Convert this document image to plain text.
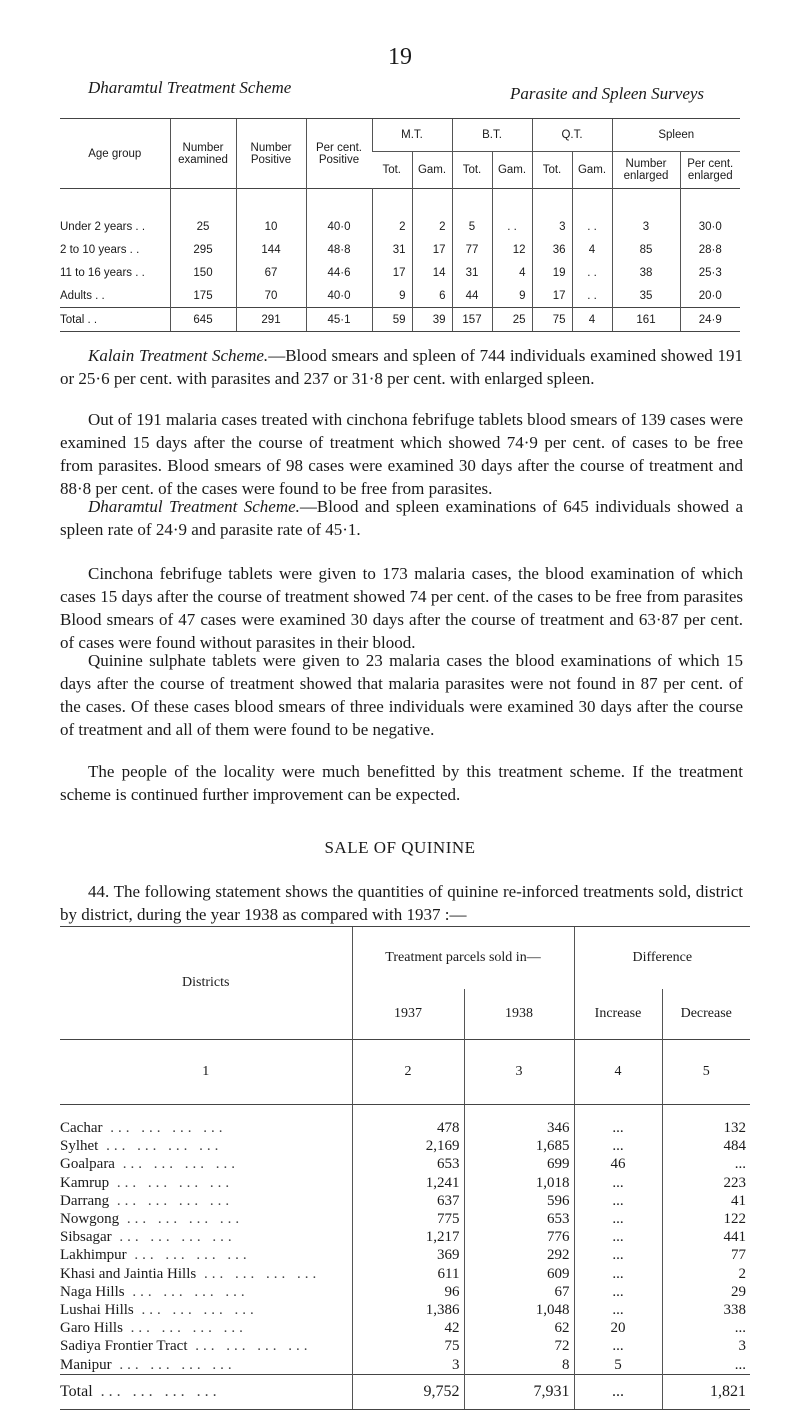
19
Dharamtul Treatment Scheme	Parasite and Spleen Surveys
Age group	Number examined	Number Positive	Per cent. Positive	M.T.		B.T.		Q.T.		Spleen	
				Tot.	Gam.	Tot.	Gam.	Tot.	Gam.	Number enlarged	Per cent. enlarged
Under 2 years . .	25	10	40·0	2	2	5	. .	3	. .	3	30·0
2 to 10 years . .	295	144	48·8	31	17	77	12	36	4	85	28·8
11 to 16 years . .	150	67	44·6	17	14	31	4	19	. .	38	25·3
Adults . .	175	70	40·0	9	6	44	9	17	. .	35	20·0
Total . .	645	291	45·1	59	39	157	25	75	4	161	24·9

Kalain Treatment Scheme.—Blood smears and spleen of 744 individuals examined showed 191 or 25·6 per cent. with parasites and 237 or 31·8 per cent. with enlarged spleen.

Out of 191 malaria cases treated with cinchona febrifuge tablets blood smears of 139 cases were examined 15 days after the course of treatment which showed 74·9 per cent. of cases to be free from parasites. Blood smears of 98 cases were examined 30 days after the course of treatment and 88·8 per cent. of the cases were found to be free from parasites.

Dharamtul Treatment Scheme.—Blood and spleen examinations of 645 individuals showed a spleen rate of 24·9 and parasite rate of 45·1.

Cinchona febrifuge tablets were given to 173 malaria cases, the blood examination of which cases 15 days after the course of treatment showed 74 per cent. of the cases to be free from parasites Blood smears of 47 cases were examined 30 days after the course of treatment and 63·87 per cent. of cases were found without parasites in their blood.

Quinine sulphate tablets were given to 23 malaria cases the blood examinations of which 15 days after the course of treatment showed that malaria parasites were not found in 87 per cent. of the cases. Of these cases blood smears of three individuals were examined 30 days after the course of treatment and all of them were found to be negative.

The people of the locality were much benefitted by this treatment scheme. If the treatment scheme is continued further improvement can be expected.

SALE OF QUININE

44. The following statement shows the quantities of quinine re-inforced treatments sold, district by district, during the year 1938 as compared with 1937 :—

Districts	Treatment parcels sold in—		Difference	
	1937	1938	Increase	Decrease
1	2	3	4	5
Cachar ... ... ... ...	478	346	...	132
Sylhet ... ... ... ...	2,169	1,685	...	484
Goalpara ... ... ... ...	653	699	46	...
Kamrup ... ... ... ...	1,241	1,018	...	223
Darrang ... ... ... ...	637	596	...	41
Nowgong ... ... ... ...	775	653	...	122
Sibsagar ... ... ... ...	1,217	776	...	441
Lakhimpur ... ... ... ...	369	292	...	77
Khasi and Jaintia Hills ... ... ... ...	611	609	...	2
Naga Hills ... ... ... ...	96	67	...	29
Lushai Hills ... ... ... ...	1,386	1,048	...	338
Garo Hills ... ... ... ...	42	62	20	...
Sadiya Frontier Tract ... ... ... ...	75	72	...	3
Manipur ... ... ... ...	3	8	5	...
Total ... ... ... ...	9,752	7,931	...	1,821
